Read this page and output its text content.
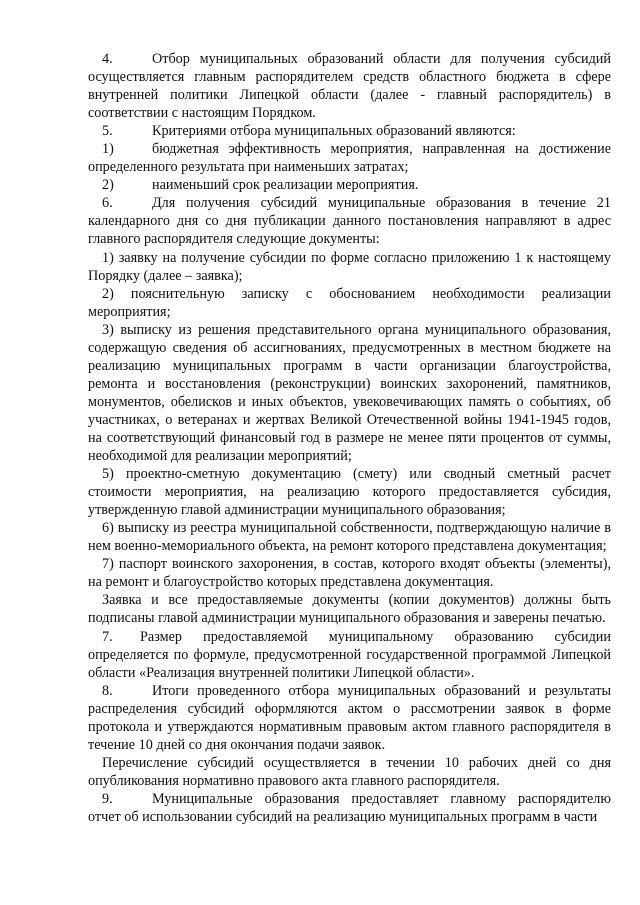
4.	Отбор муниципальных образований области для получения субсидий осуществляется главным распорядителем средств областного бюджета в сфере внутренней политики Липецкой области (далее - главный распорядитель) в соответствии с настоящим Порядком.

5.	Критериями отбора муниципальных образований являются:

1)	бюджетная эффективность мероприятия, направленная на достижение определенного результата при наименьших затратах;

2)	наименьший срок реализации мероприятия.

6.	Для получения субсидий муниципальные образования в течение 21 календарного дня со дня публикации данного постановления направляют в адрес главного распорядителя следующие документы:

1) заявку на получение субсидии по форме согласно приложению 1 к настоящему Порядку (далее – заявка);

2) пояснительную записку с обоснованием необходимости реализации мероприятия;

3) выписку из решения представительного органа муниципального образования, содержащую сведения об ассигнованиях, предусмотренных в местном бюджете на реализацию муниципальных программ в части организации благоустройства, ремонта и восстановления (реконструкции) воинских захоронений, памятников, монументов, обелисков и иных объектов, увековечивающих память о событиях, об участниках, о ветеранах и жертвах Великой Отечественной войны 1941-1945 годов, на соответствующий финансовый год в размере не менее пяти процентов от суммы, необходимой для реализации мероприятий;

5) проектно-сметную документацию (смету) или сводный сметный расчет стоимости мероприятия, на реализацию которого предоставляется субсидия, утвержденную главой администрации муниципального образования;

6) выписку из реестра муниципальной собственности, подтверждающую наличие в нем военно-мемориального объекта, на ремонт которого представлена документация;

7) паспорт воинского захоронения, в состав, которого входят объекты (элементы), на ремонт и благоустройство которых представлена документация.

Заявка и все предоставляемые документы (копии документов) должны быть подписаны главой администрации муниципального образования и заверены печатью.

7. Размер предоставляемой муниципальному образованию субсидии определяется по формуле, предусмотренной государственной программой Липецкой области «Реализация внутренней политики Липецкой области».

8.	Итоги проведенного отбора муниципальных образований и результаты распределения субсидий оформляются актом о рассмотрении заявок в форме протокола и утверждаются нормативным правовым актом главного распорядителя в течение 10 дней со дня окончания подачи заявок.

Перечисление субсидий осуществляется в течении 10 рабочих дней со дня опубликования нормативно правового акта главного распорядителя.

9.	Муниципальные образования предоставляет главному распорядителю отчет об использовании субсидий на реализацию муниципальных программ в части
